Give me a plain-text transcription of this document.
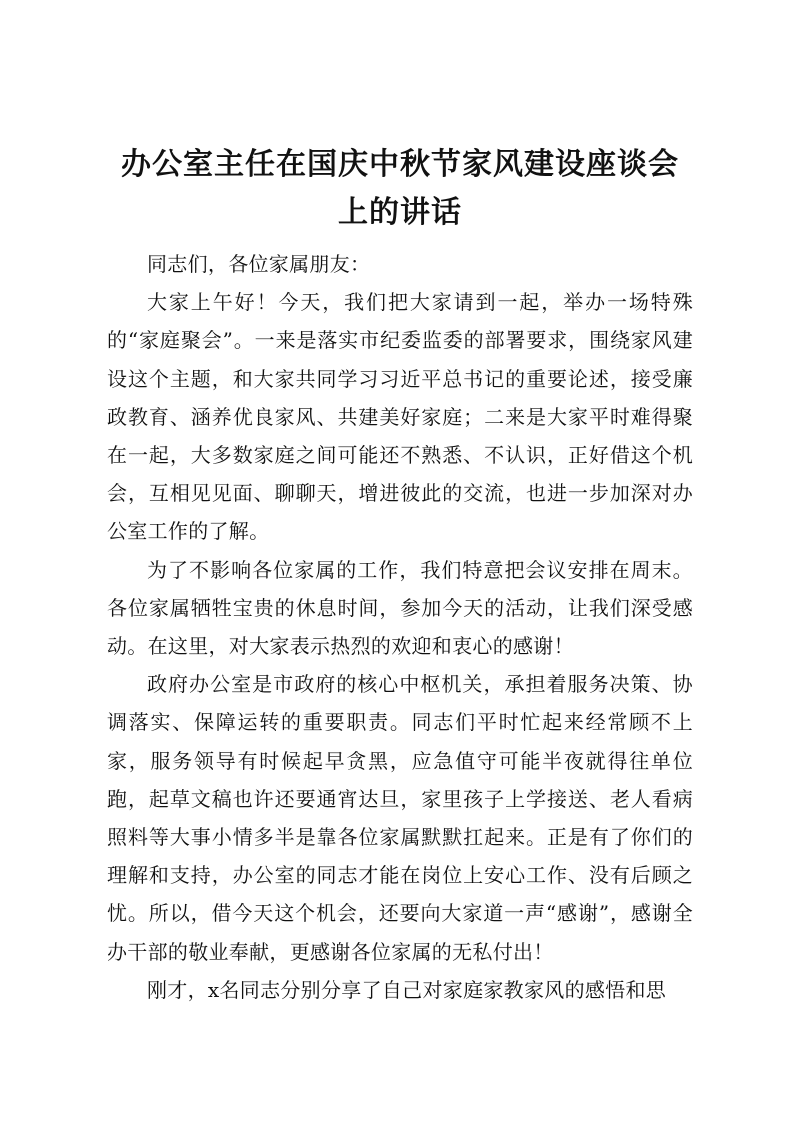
办公室主任在国庆中秋节家风建设座谈会上的讲话

同志们，各位家属朋友：

大家上午好！今天，我们把大家请到一起，举办一场特殊的“家庭聚会”。一来是落实市纪委监委的部署要求，围绕家风建设这个主题，和大家共同学习习近平总书记的重要论述，接受廉政教育、涵养优良家风、共建美好家庭；二来是大家平时难得聚在一起，大多数家庭之间可能还不熟悉、不认识，正好借这个机会，互相见见面、聊聊天，增进彼此的交流，也进一步加深对办公室工作的了解。

为了不影响各位家属的工作，我们特意把会议安排在周末。各位家属牺牲宝贵的休息时间，参加今天的活动，让我们深受感动。在这里，对大家表示热烈的欢迎和衷心的感谢！

政府办公室是市政府的核心中枢机关，承担着服务决策、协调落实、保障运转的重要职责。同志们平时忙起来经常顾不上家，服务领导有时候起早贪黑，应急值守可能半夜就得往单位跑，起草文稿也许还要通宵达旦，家里孩子上学接送、老人看病照料等大事小情多半是靠各位家属默默扛起来。正是有了你们的理解和支持，办公室的同志才能在岗位上安心工作、没有后顾之忧。所以，借今天这个机会，还要向大家道一声“感谢”，感谢全办干部的敬业奉献，更感谢各位家属的无私付出！

刚才，x名同志分别分享了自己对家庭家教家风的感悟和思
